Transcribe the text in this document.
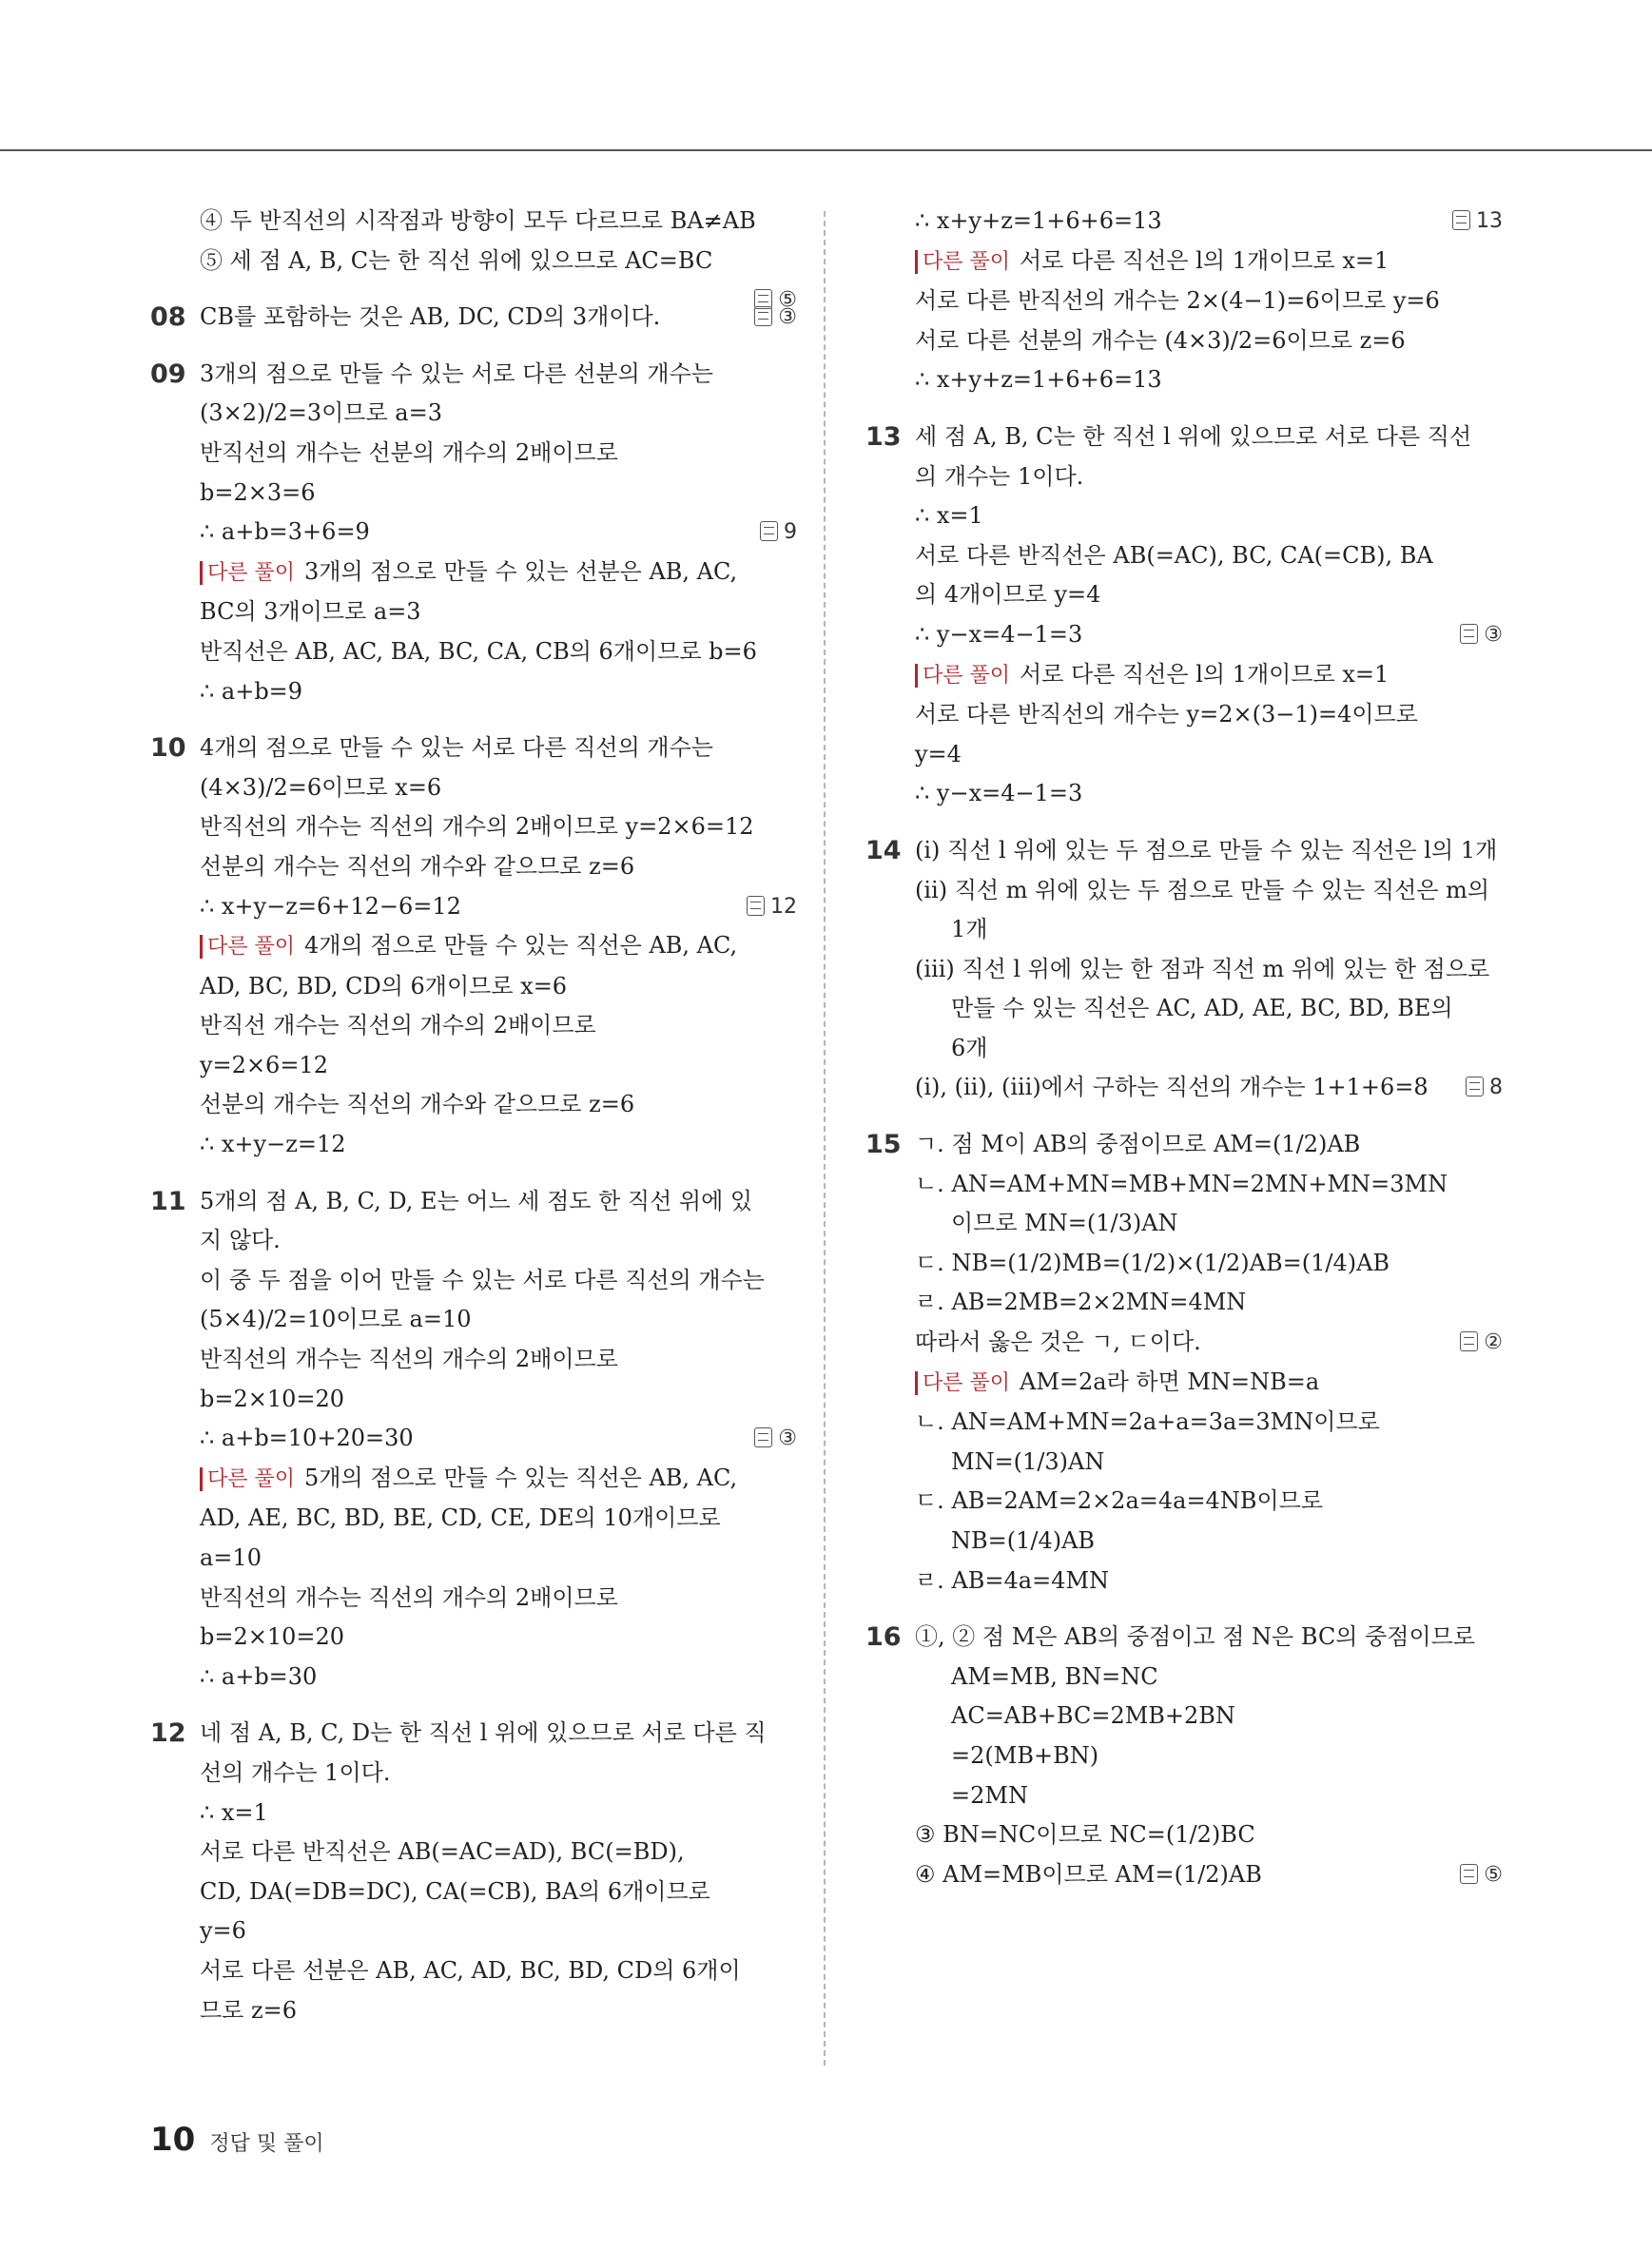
④ 두 반직선의 시작점과 방향이 모두 다르므로 BA≠AB
⑤ 세 점 A, B, C는 한 직선 위에 있으므로 AC=BC
⑤
08 CB를 포함하는 것은 AB, DC, CD의 3개이다.	③
09 3개의 점으로 만들 수 있는 서로 다른 선분의 개수는
(3×2)/2=3이므로 a=3
반직선의 개수는 선분의 개수의 2배이므로
b=2×3=6
∴ a+b=3+6=9	9
다른 풀이 3개의 점으로 만들 수 있는 선분은 AB, AC,
BC의 3개이므로 a=3
반직선은 AB, AC, BA, BC, CA, CB의 6개이므로 b=6
∴ a+b=9
10 4개의 점으로 만들 수 있는 서로 다른 직선의 개수는
(4×3)/2=6이므로 x=6
반직선의 개수는 직선의 개수의 2배이므로 y=2×6=12
선분의 개수는 직선의 개수와 같으므로 z=6
∴ x+y−z=6+12−6=12	12
다른 풀이 4개의 점으로 만들 수 있는 직선은 AB, AC,
AD, BC, BD, CD의 6개이므로 x=6
반직선 개수는 직선의 개수의 2배이므로
y=2×6=12
선분의 개수는 직선의 개수와 같으므로 z=6
∴ x+y−z=12
11 5개의 점 A, B, C, D, E는 어느 세 점도 한 직선 위에 있
지 않다.
이 중 두 점을 이어 만들 수 있는 서로 다른 직선의 개수는
(5×4)/2=10이므로 a=10
반직선의 개수는 직선의 개수의 2배이므로
b=2×10=20
∴ a+b=10+20=30	③
다른 풀이 5개의 점으로 만들 수 있는 직선은 AB, AC,
AD, AE, BC, BD, BE, CD, CE, DE의 10개이므로
a=10
반직선의 개수는 직선의 개수의 2배이므로
b=2×10=20
∴ a+b=30
12 네 점 A, B, C, D는 한 직선 l 위에 있으므로 서로 다른 직
선의 개수는 1이다.
∴ x=1
서로 다른 반직선은 AB(=AC=AD), BC(=BD),
CD, DA(=DB=DC), CA(=CB), BA의 6개이므로
y=6
서로 다른 선분은 AB, AC, AD, BC, BD, CD의 6개이
므로 z=6
∴ x+y+z=1+6+6=13	13
다른 풀이 서로 다른 직선은 l의 1개이므로 x=1
서로 다른 반직선의 개수는 2×(4−1)=6이므로 y=6
서로 다른 선분의 개수는 (4×3)/2=6이므로 z=6
∴ x+y+z=1+6+6=13
13 세 점 A, B, C는 한 직선 l 위에 있으므로 서로 다른 직선
의 개수는 1이다.
∴ x=1
서로 다른 반직선은 AB(=AC), BC, CA(=CB), BA
의 4개이므로 y=4
∴ y−x=4−1=3	③
다른 풀이 서로 다른 직선은 l의 1개이므로 x=1
서로 다른 반직선의 개수는 y=2×(3−1)=4이므로
y=4
∴ y−x=4−1=3
14 (ⅰ) 직선 l 위에 있는 두 점으로 만들 수 있는 직선은 l의 1개
(ⅱ) 직선 m 위에 있는 두 점으로 만들 수 있는 직선은 m의
1개
(ⅲ) 직선 l 위에 있는 한 점과 직선 m 위에 있는 한 점으로
만들 수 있는 직선은 AC, AD, AE, BC, BD, BE의
6개
(ⅰ), (ⅱ), (ⅲ)에서 구하는 직선의 개수는 1+1+6=8	8
15 ㄱ. 점 M이 AB의 중점이므로 AM=(1/2)AB
ㄴ. AN=AM+MN=MB+MN=2MN+MN=3MN
이므로 MN=(1/3)AN
ㄷ. NB=(1/2)MB=(1/2)×(1/2)AB=(1/4)AB
ㄹ. AB=2MB=2×2MN=4MN
따라서 옳은 것은 ㄱ, ㄷ이다.	②
다른 풀이 AM=2a라 하면 MN=NB=a
ㄴ. AN=AM+MN=2a+a=3a=3MN이므로
MN=(1/3)AN
ㄷ. AB=2AM=2×2a=4a=4NB이므로
NB=(1/4)AB
ㄹ. AB=4a=4MN
16 ①, ② 점 M은 AB의 중점이고 점 N은 BC의 중점이므로
AM=MB, BN=NC
AC=AB+BC=2MB+2BN
=2(MB+BN)
=2MN
③ BN=NC이므로 NC=(1/2)BC
④ AM=MB이므로 AM=(1/2)AB	⑤
10 정답 및 풀이
